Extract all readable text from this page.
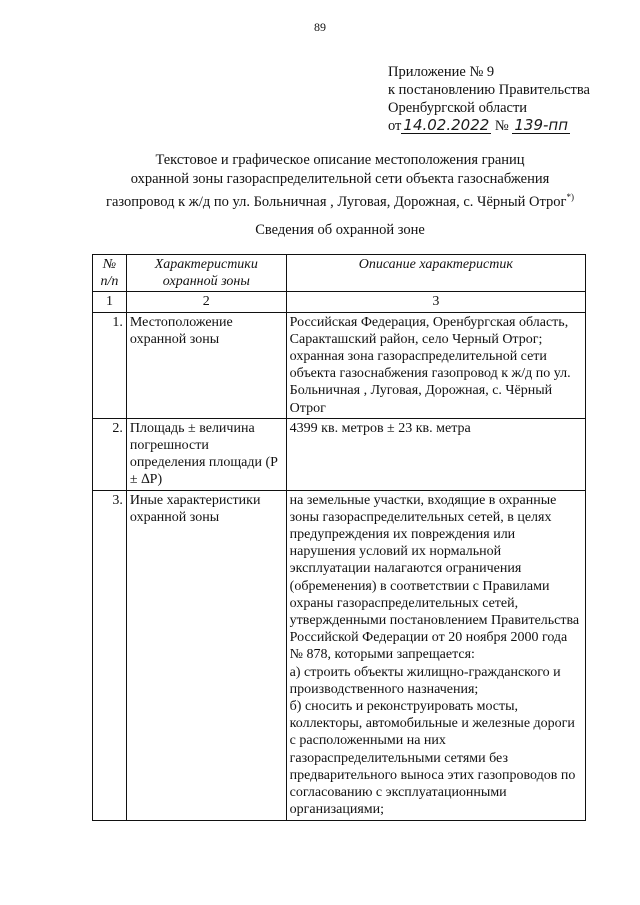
89
Приложение № 9
к постановлению Правительства
Оренбургской области
от 14.02.2022 № 139-пп
Текстовое и графическое описание местоположения границ
охранной зоны газораспределительной сети объекта газоснабжения
газопровод к ж/д по ул. Больничная , Луговая, Дорожная, с. Чёрный Отрог*)
Сведения об охранной зоне
№ п/п	Характеристики охранной зоны	Описание характеристик
1	2	3
1.	Местоположение охранной зоны	Российская Федерация, Оренбургская область, Саракташский район, село Черный Отрог; охранная зона газораспределительной сети объекта газоснабжения газопровод к ж/д по ул. Больничная , Луговая, Дорожная, с. Чёрный Отрог
2.	Площадь ± величина погрешности определения площади (Р ± ∆Р)	4399 кв. метров ± 23 кв. метра
3.	Иные характеристики охранной зоны	на земельные участки, входящие в охранные зоны газораспределительных сетей, в целях предупреждения их повреждения или нарушения условий их нормальной эксплуатации налагаются ограничения (обременения) в соответствии с Правилами охраны газораспределительных сетей, утвержденными постановлением Правительства Российской Федерации от 20 ноября 2000 года № 878, которыми запрещается:
а) строить объекты жилищно-гражданского и производственного назначения;
б) сносить и реконструировать мосты, коллекторы, автомобильные и железные дороги с расположенными на них газораспределительными сетями без предварительного выноса этих газопроводов по согласованию с эксплуатационными организациями;
